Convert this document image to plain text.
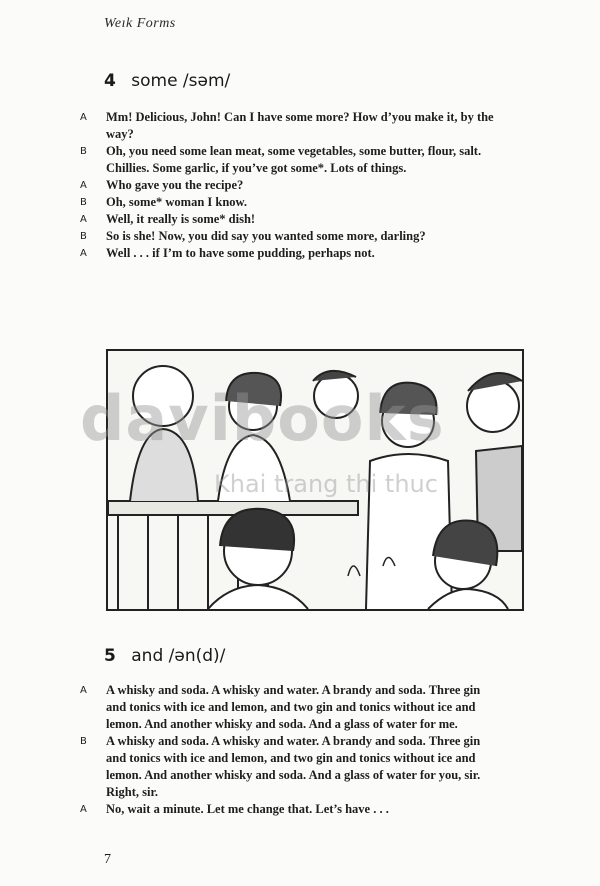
Weık Forms
4 some /səm/
A Mm! Delicious, John! Can I have some more? How d’you make it, by the way?
B Oh, you need some lean meat, some vegetables, some butter, flour, salt. Chillies. Some garlic, if you’ve got some*. Lots of things.
A Who gave you the recipe?
B Oh, some* woman I know.
A Well, it really is some* dish!
B So is she! Now, you did say you wanted some more, darling?
A Well . . . if I’m to have some pudding, perhaps not.
davibooks
Khai trang thi thuc
5 and /ən(d)/
A A whisky and soda. A whisky and water. A brandy and soda. Three gin and tonics with ice and lemon, and two gin and tonics without ice and lemon. And another whisky and soda. And a glass of water for me.
B A whisky and soda. A whisky and water. A brandy and soda. Three gin and tonics with ice and lemon, and two gin and tonics without ice and lemon. And another whisky and soda. And a glass of water for you, sir. Right, sir.
A No, wait a minute. Let me change that. Let’s have . . .
7
